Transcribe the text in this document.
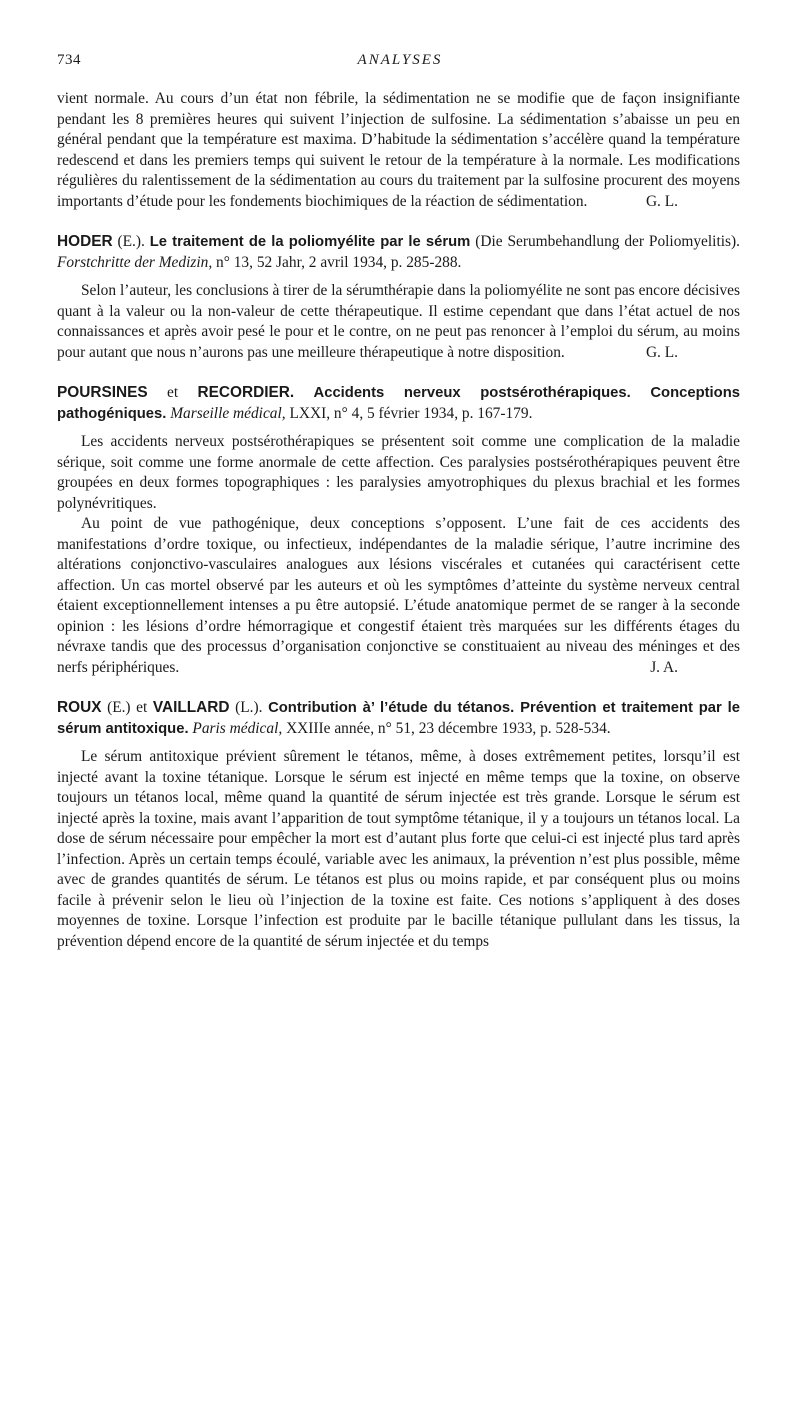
734	ANALYSES

vient normale. Au cours d’un état non fébrile, la sédimentation ne se modifie que de façon insignifiante pendant les 8 premières heures qui suivent l’injection de sulfosine. La sédimentation s’abaisse un peu en général pendant que la température est maxima. D’habitude la sédimentation s’accélère quand la température redescend et dans les premiers temps qui suivent le retour de la température à la normale. Les modifications régulières du ralentissement de la sédimentation au cours du traitement par la sulfosine procurent des moyens importants d’étude pour les fondements biochimiques de la réaction de sédimentation.	G. L.

HODER (E.). Le traitement de la poliomyélite par le sérum (Die Serumbehandlung der Poliomyelitis). Forstchritte der Medizin, n° 13, 52 Jahr, 2 avril 1934, p. 285-288.

Selon l’auteur, les conclusions à tirer de la sérumthérapie dans la poliomyélite ne sont pas encore décisives quant à la valeur ou la non-valeur de cette thérapeutique. Il estime cependant que dans l’état actuel de nos connaissances et après avoir pesé le pour et le contre, on ne peut pas renoncer à l’emploi du sérum, au moins pour autant que nous n’aurons pas une meilleure thérapeutique à notre disposition.	G. L.

POURSINES et RECORDIER. Accidents nerveux postsérothérapiques. Conceptions pathogéniques. Marseille médical, LXXI, n° 4, 5 février 1934, p. 167-179.

Les accidents nerveux postsérothérapiques se présentent soit comme une complication de la maladie sérique, soit comme une forme anormale de cette affection. Ces paralysies postsérothérapiques peuvent être groupées en deux formes topographiques : les paralysies amyotrophiques du plexus brachial et les formes polynévritiques.

Au point de vue pathogénique, deux conceptions s’opposent. L’une fait de ces accidents des manifestations d’ordre toxique, ou infectieux, indépendantes de la maladie sérique, l’autre incrimine des altérations conjonctivo-vasculaires analogues aux lésions viscérales et cutanées qui caractérisent cette affection. Un cas mortel observé par les auteurs et où les symptômes d’atteinte du système nerveux central étaient exceptionnellement intenses a pu être autopsié. L’étude anatomique permet de se ranger à la seconde opinion : les lésions d’ordre hémorragique et congestif étaient très marquées sur les différents étages du névraxe tandis que des processus d’organisation conjonctive se constituaient au niveau des méninges et des nerfs périphériques.	J. A.

ROUX (E.) et VAILLARD (L.). Contribution à’ l’étude du tétanos. Prévention et traitement par le sérum antitoxique. Paris médical, XXIIIe année, n° 51, 23 décembre 1933, p. 528-534.

Le sérum antitoxique prévient sûrement le tétanos, même, à doses extrêmement petites, lorsqu’il est injecté avant la toxine tétanique. Lorsque le sérum est injecté en même temps que la toxine, on observe toujours un tétanos local, même quand la quantité de sérum injectée est très grande. Lorsque le sérum est injecté après la toxine, mais avant l’apparition de tout symptôme tétanique, il y a toujours un tétanos local. La dose de sérum nécessaire pour empêcher la mort est d’autant plus forte que celui-ci est injecté plus tard après l’infection. Après un certain temps écoulé, variable avec les animaux, la prévention n’est plus possible, même avec de grandes quantités de sérum. Le tétanos est plus ou moins rapide, et par conséquent plus ou moins facile à prévenir selon le lieu où l’injection de la toxine est faite. Ces notions s’appliquent à des doses moyennes de toxine. Lorsque l’infection est produite par le bacille tétanique pullulant dans les tissus, la prévention dépend encore de la quantité de sérum injectée et du temps
